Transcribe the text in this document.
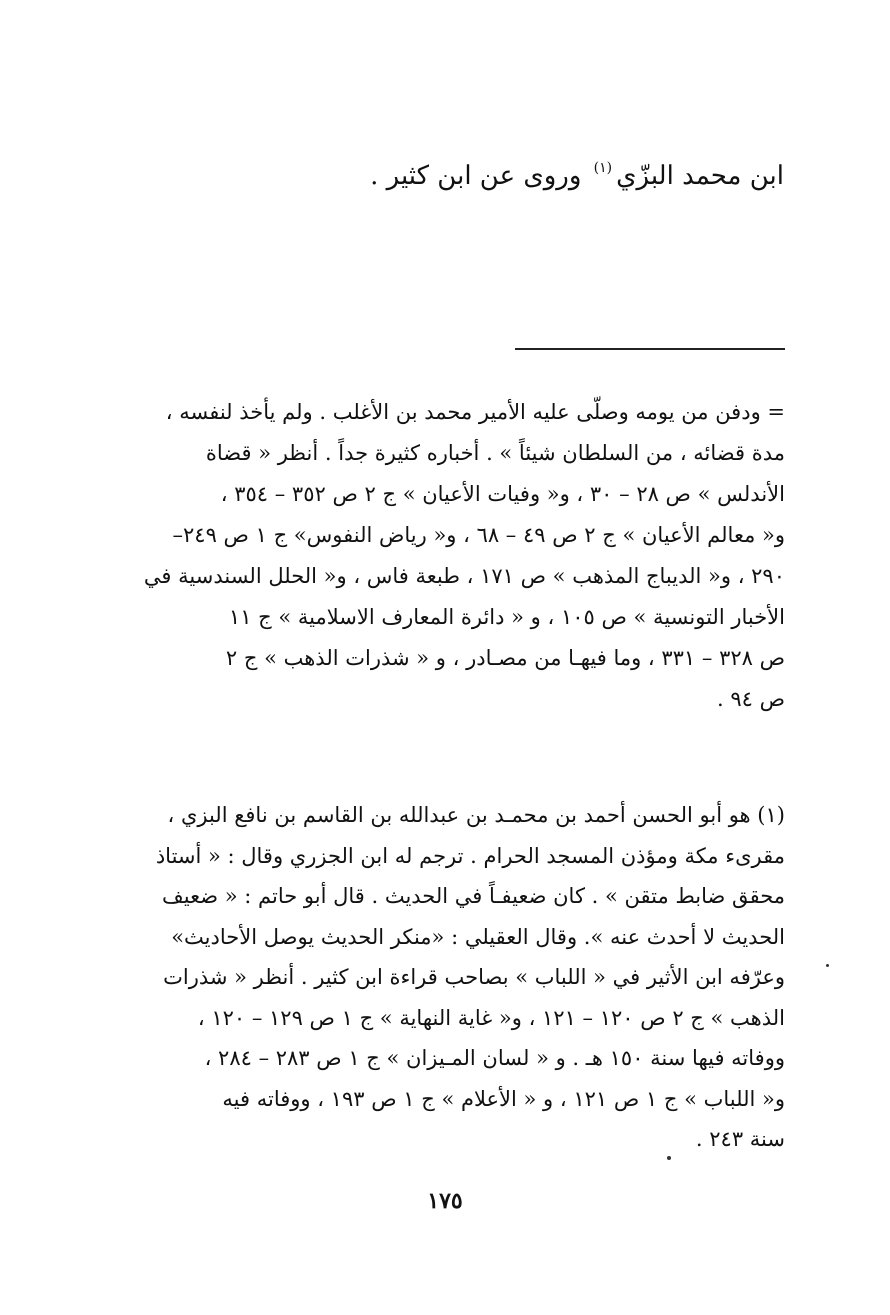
ابن محمد البزّي$^{(١)}$ وروى عن ابن كثير .

= ودفن من يومه وصلّى عليه الأمير محمد بن الأغلب . ولم يأخذ لنفسه ،

مدة قضائه ، من السلطان شيئاً » . أخباره كثيرة جداً . أنظر « قضاة

الأندلس » ص ٢٨ – ٣٠ ، و« وفيات الأعيان » ج ٢ ص ٣٥٢ – ٣٥٤ ،

و« معالم الأعيان » ج ٢ ص ٤٩ – ٦٨ ، و« رياض النفوس» ج ١ ص ٢٤٩–

٢٩٠ ، و« الديباج المذهب » ص ١٧١ ، طبعة فاس ، و« الحلل السندسية في

الأخبار التونسية » ص ١٠٥ ، و « دائرة المعارف الاسلامية » ج ١١

ص ٣٢٨ – ٣٣١ ، وما فيهـا من مصـادر ، و « شذرات الذهب » ج ٢

ص ٩٤ .

(١) هو أبو الحسن أحمد بن محمـد بن عبدالله بن القاسم بن نافع البزي ،

مقرىء مكة ومؤذن المسجد الحرام . ترجم له ابن الجزري وقال : « أستاذ

محقق ضابط متقن » . كان ضعيفـاً في الحديث . قال أبو حاتم : « ضعيف

الحديث لا أحدث عنه ». وقال العقيلي : «منكر الحديث يوصل الأحاديث»

وعرّفه ابن الأثير في « اللباب » بصاحب قراءة ابن كثير . أنظر « شذرات

الذهب » ج ٢ ص ١٢٠ – ١٢١ ، و« غاية النهاية » ج ١ ص ١٢٩ – ١٢٠ ،

ووفاته فيها سنة ١٥٠ هـ . و « لسان المـيزان » ج ١ ص ٢٨٣ – ٢٨٤ ،

و« اللباب » ج ١ ص ١٢١ ، و « الأعلام » ج ١ ص ١٩٣ ، ووفاته فيه

سنة ٢٤٣ .

١٧٥
